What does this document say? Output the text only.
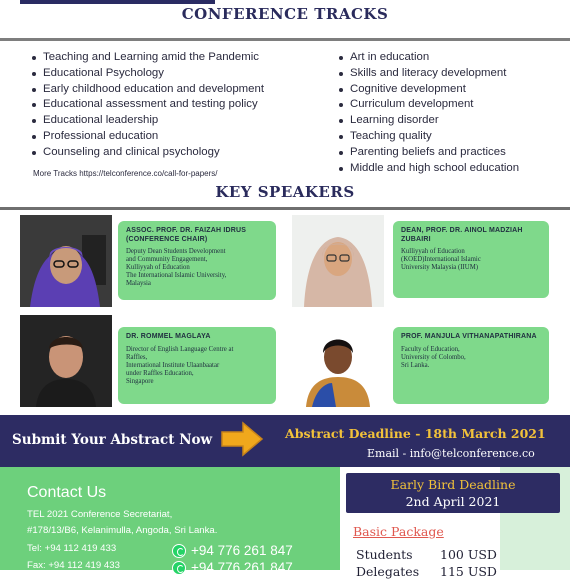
CONFERENCE TRACKS
Teaching and Learning amid the Pandemic
Educational Psychology
Early childhood education and development
Educational assessment and testing policy
Educational leadership
Professional education
Counseling and clinical psychology
Art in education
Skills and literacy development
Cognitive development
Curriculum development
Learning disorder
Teaching quality
Parenting beliefs and practices
Middle and high school education
More Tracks https://telconference.co/call-for-papers/
KEY SPEAKERS
ASSOC. PROF. DR. FAIZAH IDRUS (CONFERENCE CHAIR)
Deputy Dean Students Development
and Community Engagement,
Kulliyyah of Education
The International Islamic University,
Malaysia
DEAN, PROF. DR. AINOL MADZIAH ZUBAIRI
Kulliyyah of Education
(KOED)International Islamic
University Malaysia (IIUM)
DR. ROMMEL MAGLAYA
Director of English Language Centre at
Raffles,
International Institute Ulaanbaatar
under Raffles Education,
Singapore
PROF. MANJULA VITHANAPATHIRANA
Faculty of Education,
University of Colombo,
Sri Lanka.
Submit Your Abstract Now	Abstract Deadline - 18th March 2021
Email - info@telconference.co
Contact Us
TEL 2021 Conference Secretariat,
#178/13/B6, Kelanimulla, Angoda, Sri Lanka.
Tel: +94 112 419 433
Fax: +94 112 419 433
+94 776 261 847
+94 776 261 847
Early Bird Deadline
2nd April 2021
Basic Package
Students 100 USD
Delegates 115 USD
